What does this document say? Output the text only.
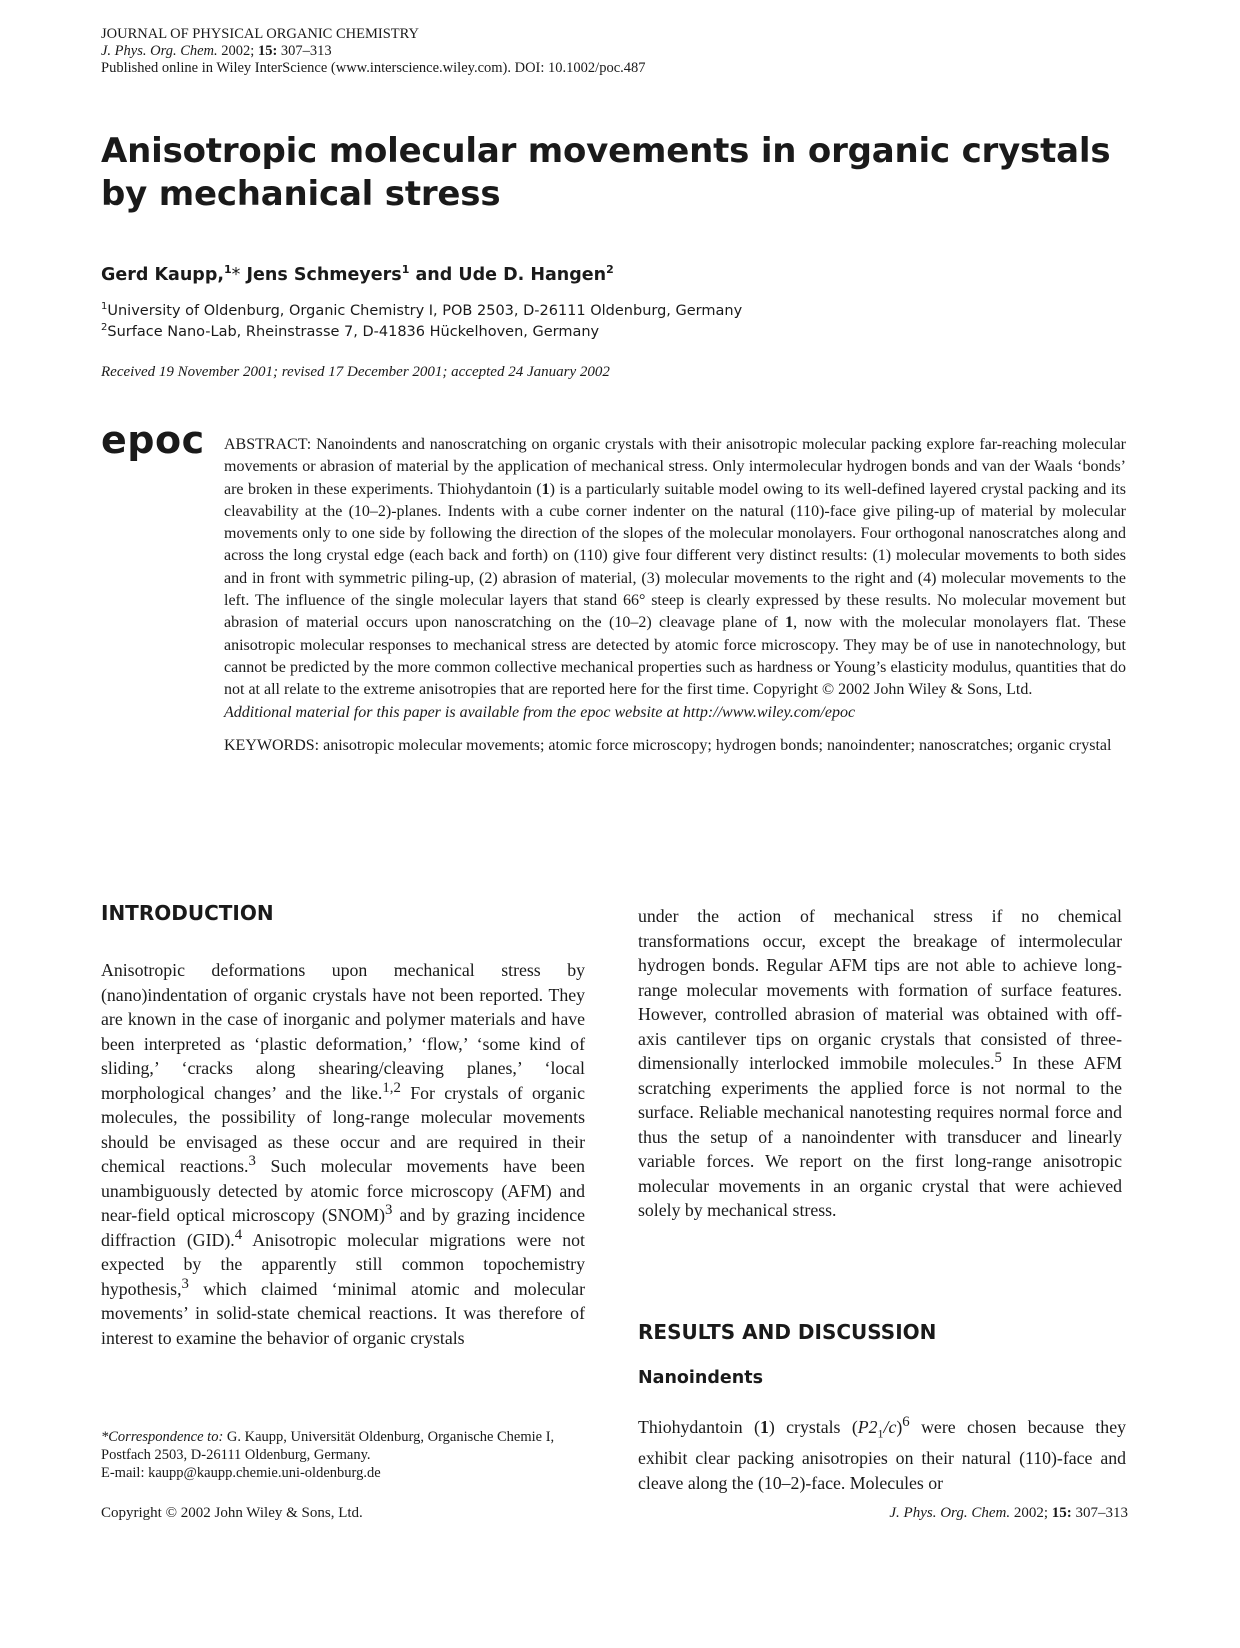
JOURNAL OF PHYSICAL ORGANIC CHEMISTRY
J. Phys. Org. Chem. 2002; 15: 307–313
Published online in Wiley InterScience (www.interscience.wiley.com). DOI: 10.1002/poc.487
Anisotropic molecular movements in organic crystals by mechanical stress
Gerd Kaupp,$^1$* Jens Schmeyers$^1$ and Ude D. Hangen$^2$
$^1$University of Oldenburg, Organic Chemistry I, POB 2503, D-26111 Oldenburg, Germany
$^2$Surface Nano-Lab, Rheinstrasse 7, D-41836 Hückelhoven, Germany
Received 19 November 2001; revised 17 December 2001; accepted 24 January 2002
epoc ABSTRACT: Nanoindents and nanoscratching on organic crystals with their anisotropic molecular packing explore far-reaching molecular movements or abrasion of material by the application of mechanical stress. Only intermolecular hydrogen bonds and van der Waals ‘bonds’ are broken in these experiments. Thiohydantoin (1) is a particularly suitable model owing to its well-defined layered crystal packing and its cleavability at the (10–2)-planes. Indents with a cube corner indenter on the natural (110)-face give piling-up of material by molecular movements only to one side by following the direction of the slopes of the molecular monolayers. Four orthogonal nanoscratches along and across the long crystal edge (each back and forth) on (110) give four different very distinct results: (1) molecular movements to both sides and in front with symmetric piling-up, (2) abrasion of material, (3) molecular movements to the right and (4) molecular movements to the left. The influence of the single molecular layers that stand 66° steep is clearly expressed by these results. No molecular movement but abrasion of material occurs upon nanoscratching on the (10–2) cleavage plane of 1, now with the molecular monolayers flat. These anisotropic molecular responses to mechanical stress are detected by atomic force microscopy. They may be of use in nanotechnology, but cannot be predicted by the more common collective mechanical properties such as hardness or Young’s elasticity modulus, quantities that do not at all relate to the extreme anisotropies that are reported here for the first time. Copyright © 2002 John Wiley & Sons, Ltd.

Additional material for this paper is available from the epoc website at http://www.wiley.com/epoc

KEYWORDS: anisotropic molecular movements; atomic force microscopy; hydrogen bonds; nanoindenter; nanoscratches; organic crystal

INTRODUCTION

Anisotropic deformations upon mechanical stress by (nano)indentation of organic crystals have not been reported. They are known in the case of inorganic and polymer materials and have been interpreted as ‘plastic deformation,’ ‘flow,’ ‘some kind of sliding,’ ‘cracks along shearing/cleaving planes,’ ‘local morphological changes’ and the like.$^{1,2}$ For crystals of organic molecules, the possibility of long-range molecular movements should be envisaged as these occur and are required in their chemical reactions.$^3$ Such molecular movements have been unambiguously detected by atomic force microscopy (AFM) and near-field optical microscopy (SNOM)$^3$ and by grazing incidence diffraction (GID).$^4$ Anisotropic molecular migrations were not expected by the apparently still common topochemistry hypothesis,$^3$ which claimed ‘minimal atomic and molecular movements’ in solid-state chemical reactions. It was therefore of interest to examine the behavior of organic crystals

under the action of mechanical stress if no chemical transformations occur, except the breakage of intermolecular hydrogen bonds. Regular AFM tips are not able to achieve long-range molecular movements with formation of surface features. However, controlled abrasion of material was obtained with off-axis cantilever tips on organic crystals that consisted of three-dimensionally interlocked immobile molecules.$^5$ In these AFM scratching experiments the applied force is not normal to the surface. Reliable mechanical nanotesting requires normal force and thus the setup of a nanoindenter with transducer and linearly variable forces. We report on the first long-range anisotropic molecular movements in an organic crystal that were achieved solely by mechanical stress.

RESULTS AND DISCUSSION
Nanoindents

Thiohydantoin (1) crystals $(P2_1/c)^6$ were chosen because they exhibit clear packing anisotropies on their natural (110)-face and cleave along the (10–2)-face. Molecules or

*Correspondence to: G. Kaupp, Universität Oldenburg, Organische Chemie I, Postfach 2503, D-26111 Oldenburg, Germany.
E-mail: kaupp@kaupp.chemie.uni-oldenburg.de
Copyright © 2002 John Wiley & Sons, Ltd.	J. Phys. Org. Chem. 2002; 15: 307–313
